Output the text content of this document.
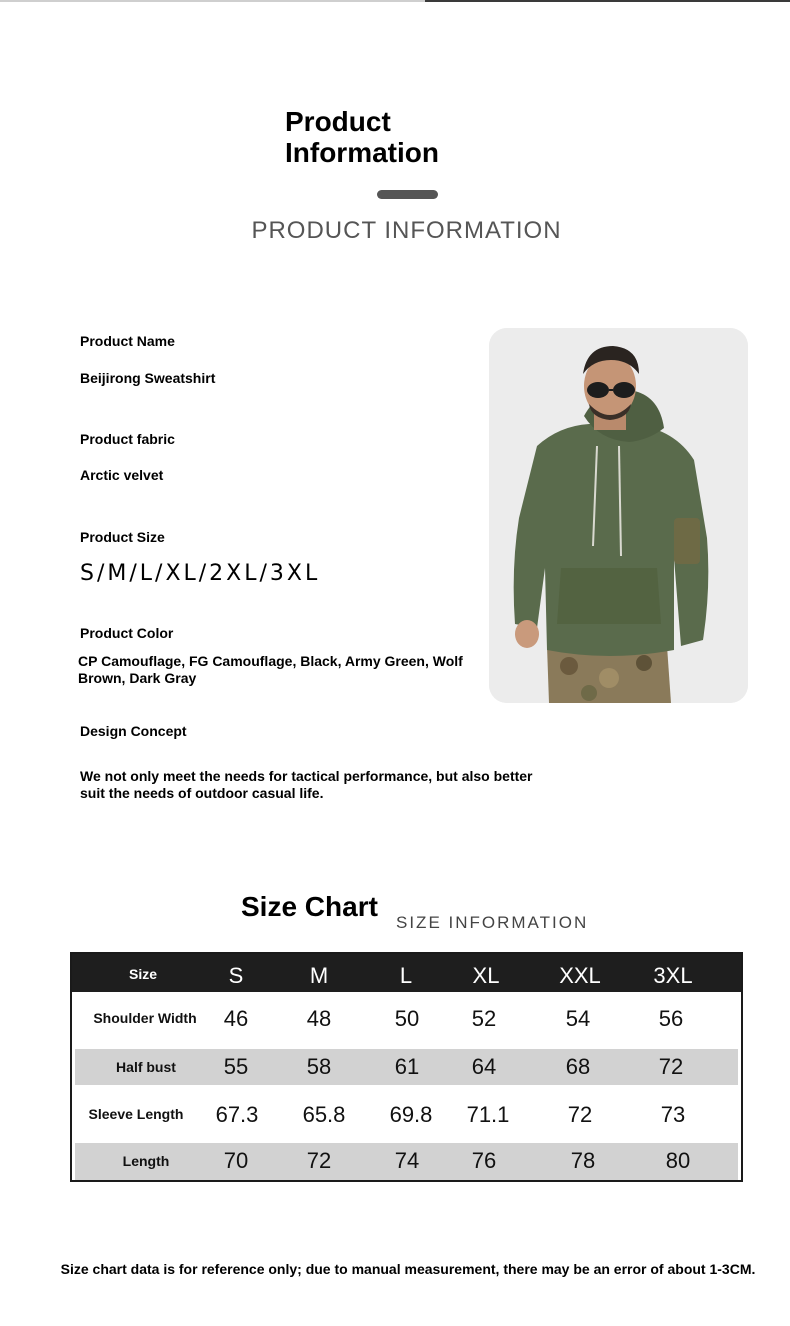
Product Information
PRODUCT INFORMATION
Product Name
Beijirong Sweatshirt
Product fabric
Arctic velvet
Product Size
S/M/L/XL/2XL/3XL
Product Color
CP Camouflage, FG Camouflage, Black, Army Green, Wolf Brown, Dark Gray
Design Concept
We not only meet the needs for tactical performance, but also better suit the needs of outdoor casual life.
Size Chart
SIZE INFORMATION
Size	S	M	L	XL	XXL	3XL
Shoulder Width	46	48	50	52	54	56
Half bust	55	58	61	64	68	72
Sleeve Length	67.3	65.8	69.8	71.1	72	73
Length	70	72	74	76	78	80
Size chart data is for reference only; due to manual measurement, there may be an error of about 1-3CM.
